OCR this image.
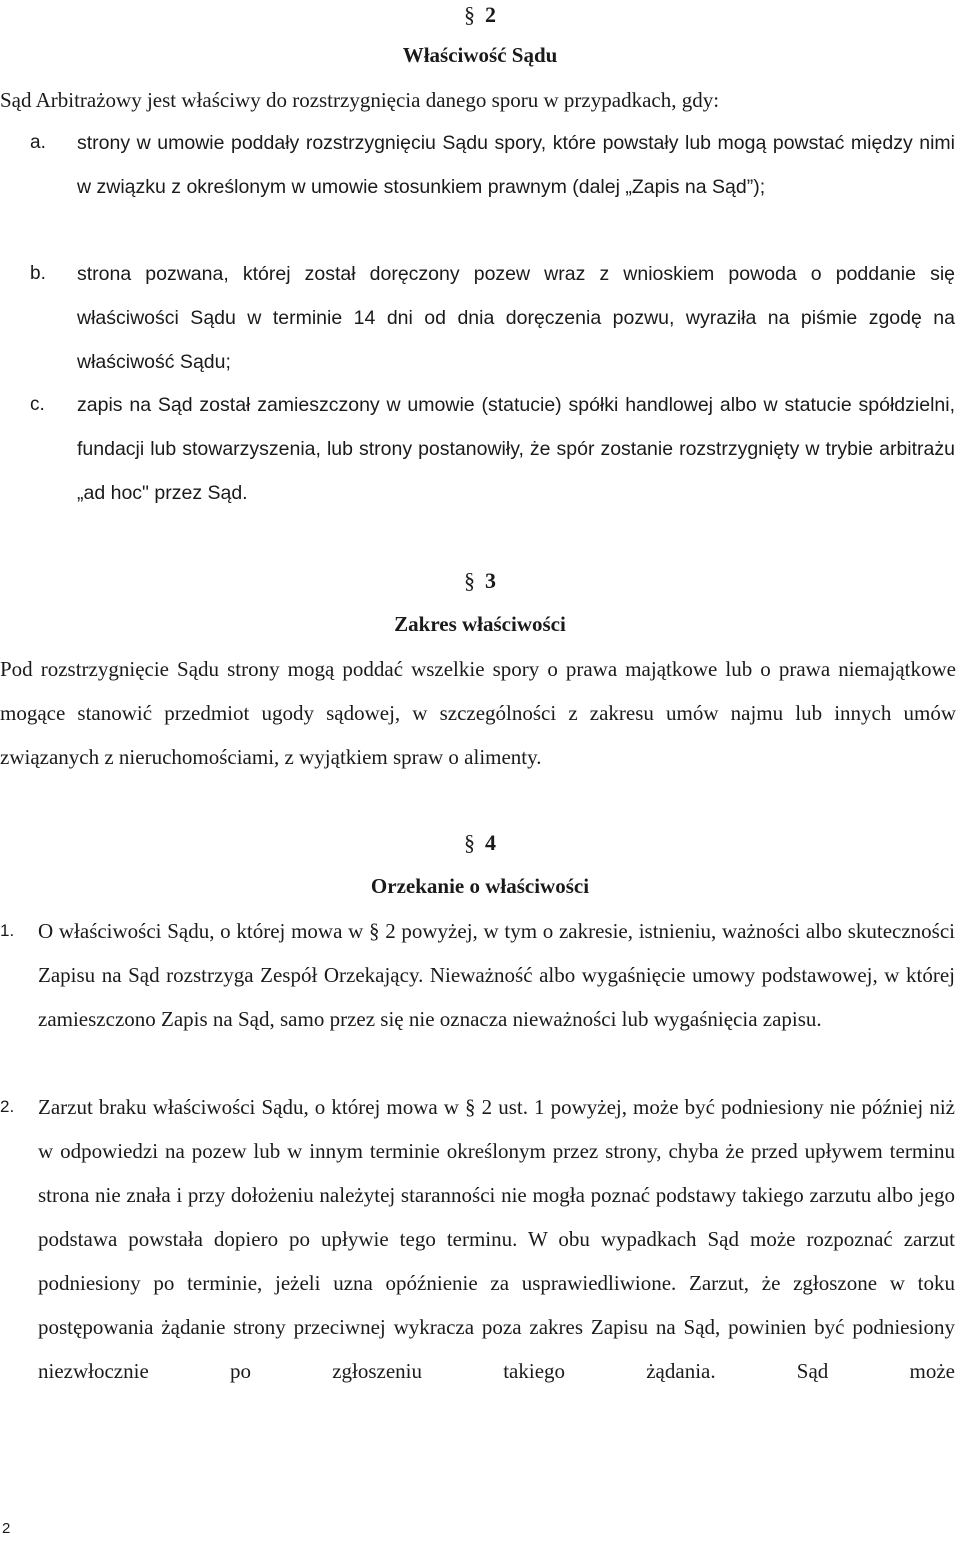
§ 2
Właściwość Sądu

Sąd Arbitrażowy jest właściwy do rozstrzygnięcia danego sporu w przypadkach, gdy:

a. strony w umowie poddały rozstrzygnięciu Sądu spory, które powstały lub mogą powstać między nimi w związku z określonym w umowie stosunkiem prawnym (dalej „Zapis na Sąd”);

b. strona pozwana, której został doręczony pozew wraz z wnioskiem powoda o poddanie się właściwości Sądu w terminie 14 dni od dnia doręczenia pozwu, wyraziła na piśmie zgodę na właściwość Sądu;

c. zapis na Sąd został zamieszczony w umowie (statucie) spółki handlowej albo w statucie spółdzielni, fundacji lub stowarzyszenia, lub strony postanowiły, że spór zostanie rozstrzygnięty w trybie arbitrażu „ad hoc" przez Sąd.

§ 3
Zakres właściwości

Pod rozstrzygnięcie Sądu strony mogą poddać wszelkie spory o prawa majątkowe lub o prawa niemajątkowe mogące stanowić przedmiot ugody sądowej, w szczególności z zakresu umów najmu lub innych umów związanych z nieruchomościami, z wyjątkiem spraw o alimenty.

§ 4
Orzekanie o właściwości
1. O właściwości Sądu, o której mowa w § 2 powyżej, w tym o zakresie, istnieniu, ważności albo skuteczności Zapisu na Sąd rozstrzyga Zespół Orzekający. Nieważność albo wygaśnięcie umowy podstawowej, w której zamieszczono Zapis na Sąd, samo przez się nie oznacza nieważności lub wygaśnięcia zapisu.

2. Zarzut braku właściwości Sądu, o której mowa w § 2 ust. 1 powyżej, może być podniesiony nie później niż w odpowiedzi na pozew lub w innym terminie określonym przez strony, chyba że przed upływem terminu strona nie znała i przy dołożeniu należytej staranności nie mogła poznać podstawy takiego zarzutu albo jego podstawa powstała dopiero po upływie tego terminu. W obu wypadkach Sąd może rozpoznać zarzut podniesiony po terminie, jeżeli uzna opóźnienie za usprawiedliwione. Zarzut, że zgłoszone w toku postępowania żądanie strony przeciwnej wykracza poza zakres Zapisu na Sąd, powinien być podniesiony niezwłocznie po zgłoszeniu takiego żądania. Sąd może

2
